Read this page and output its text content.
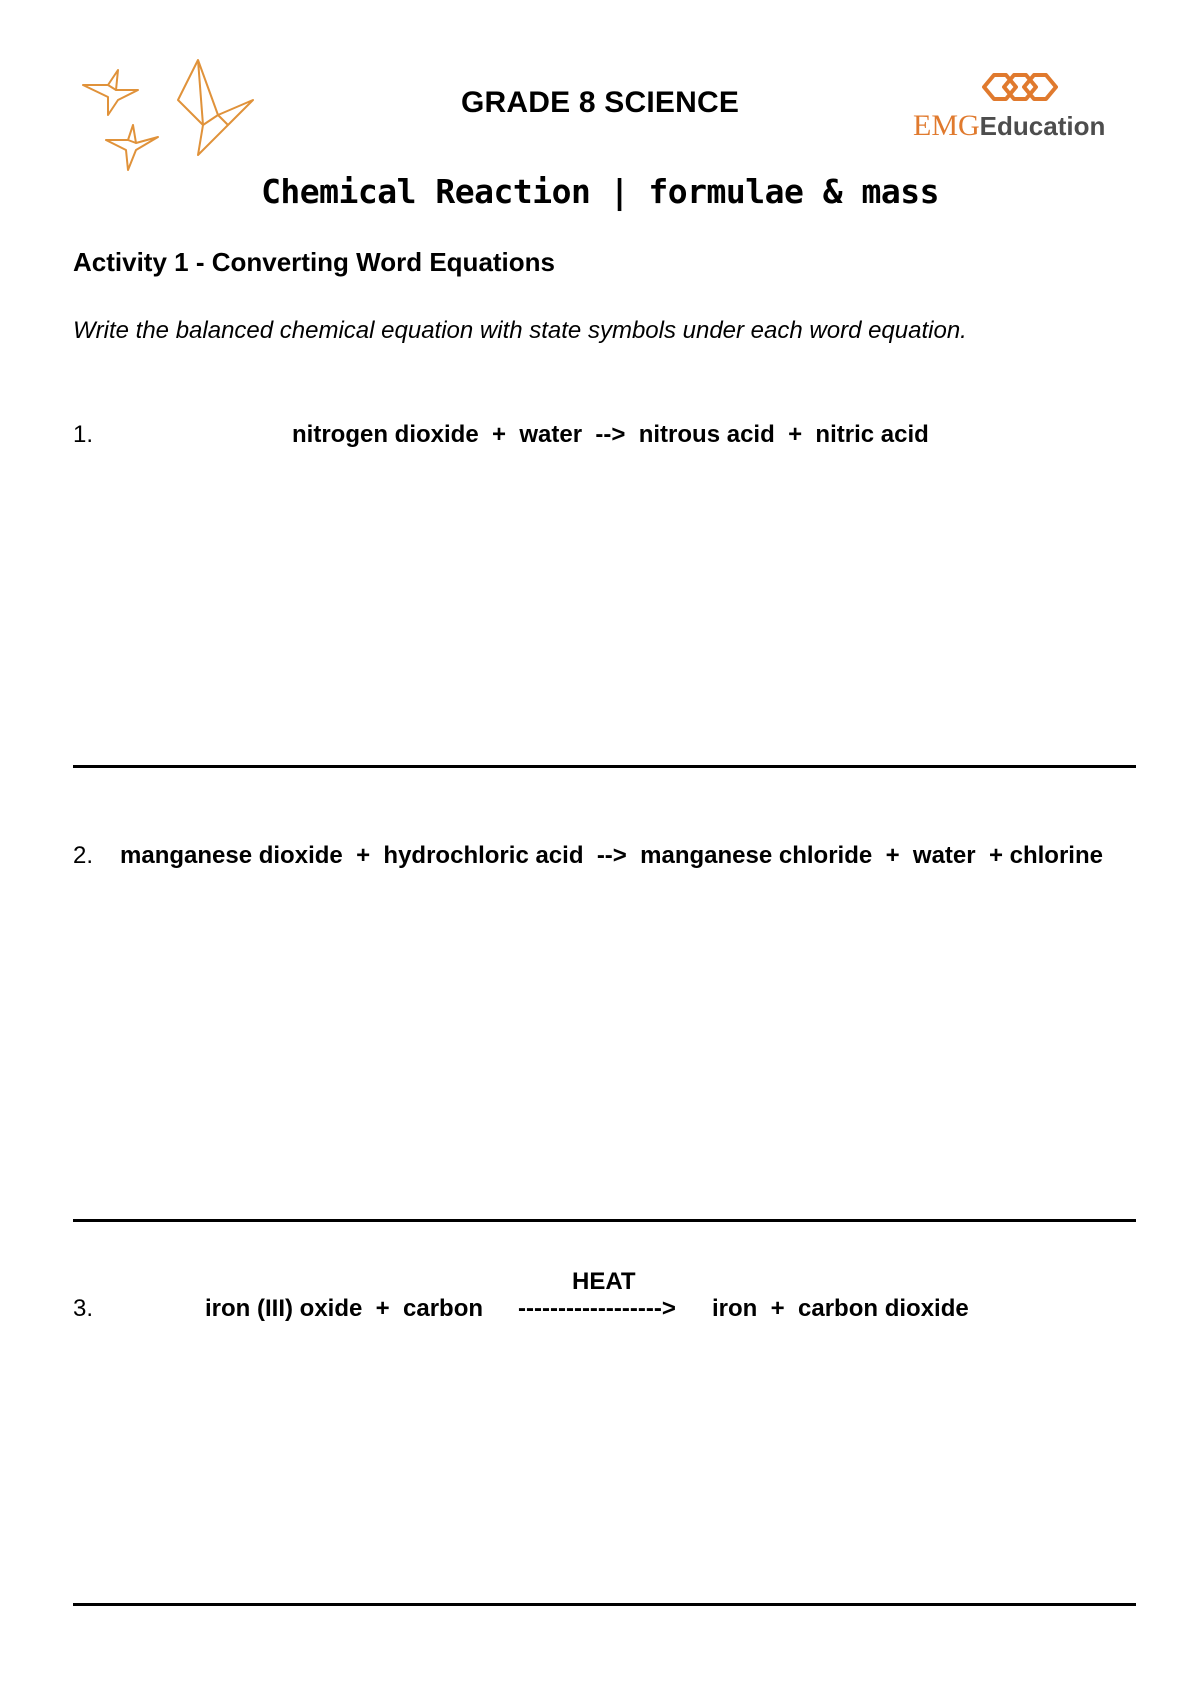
GRADE 8 SCIENCE
EMGEducation
Chemical Reaction | formulae & mass
Activity 1 - Converting Word Equations
Write the balanced chemical equation with state symbols under each word equation.
1.	nitrogen dioxide  +  water  -->  nitrous acid  +  nitric acid
2. manganese dioxide  +  hydrochloric acid  -->  manganese chloride  +  water  + chlorine
HEAT
3.	iron (III) oxide  +  carbon ------------------> iron  +  carbon dioxide
